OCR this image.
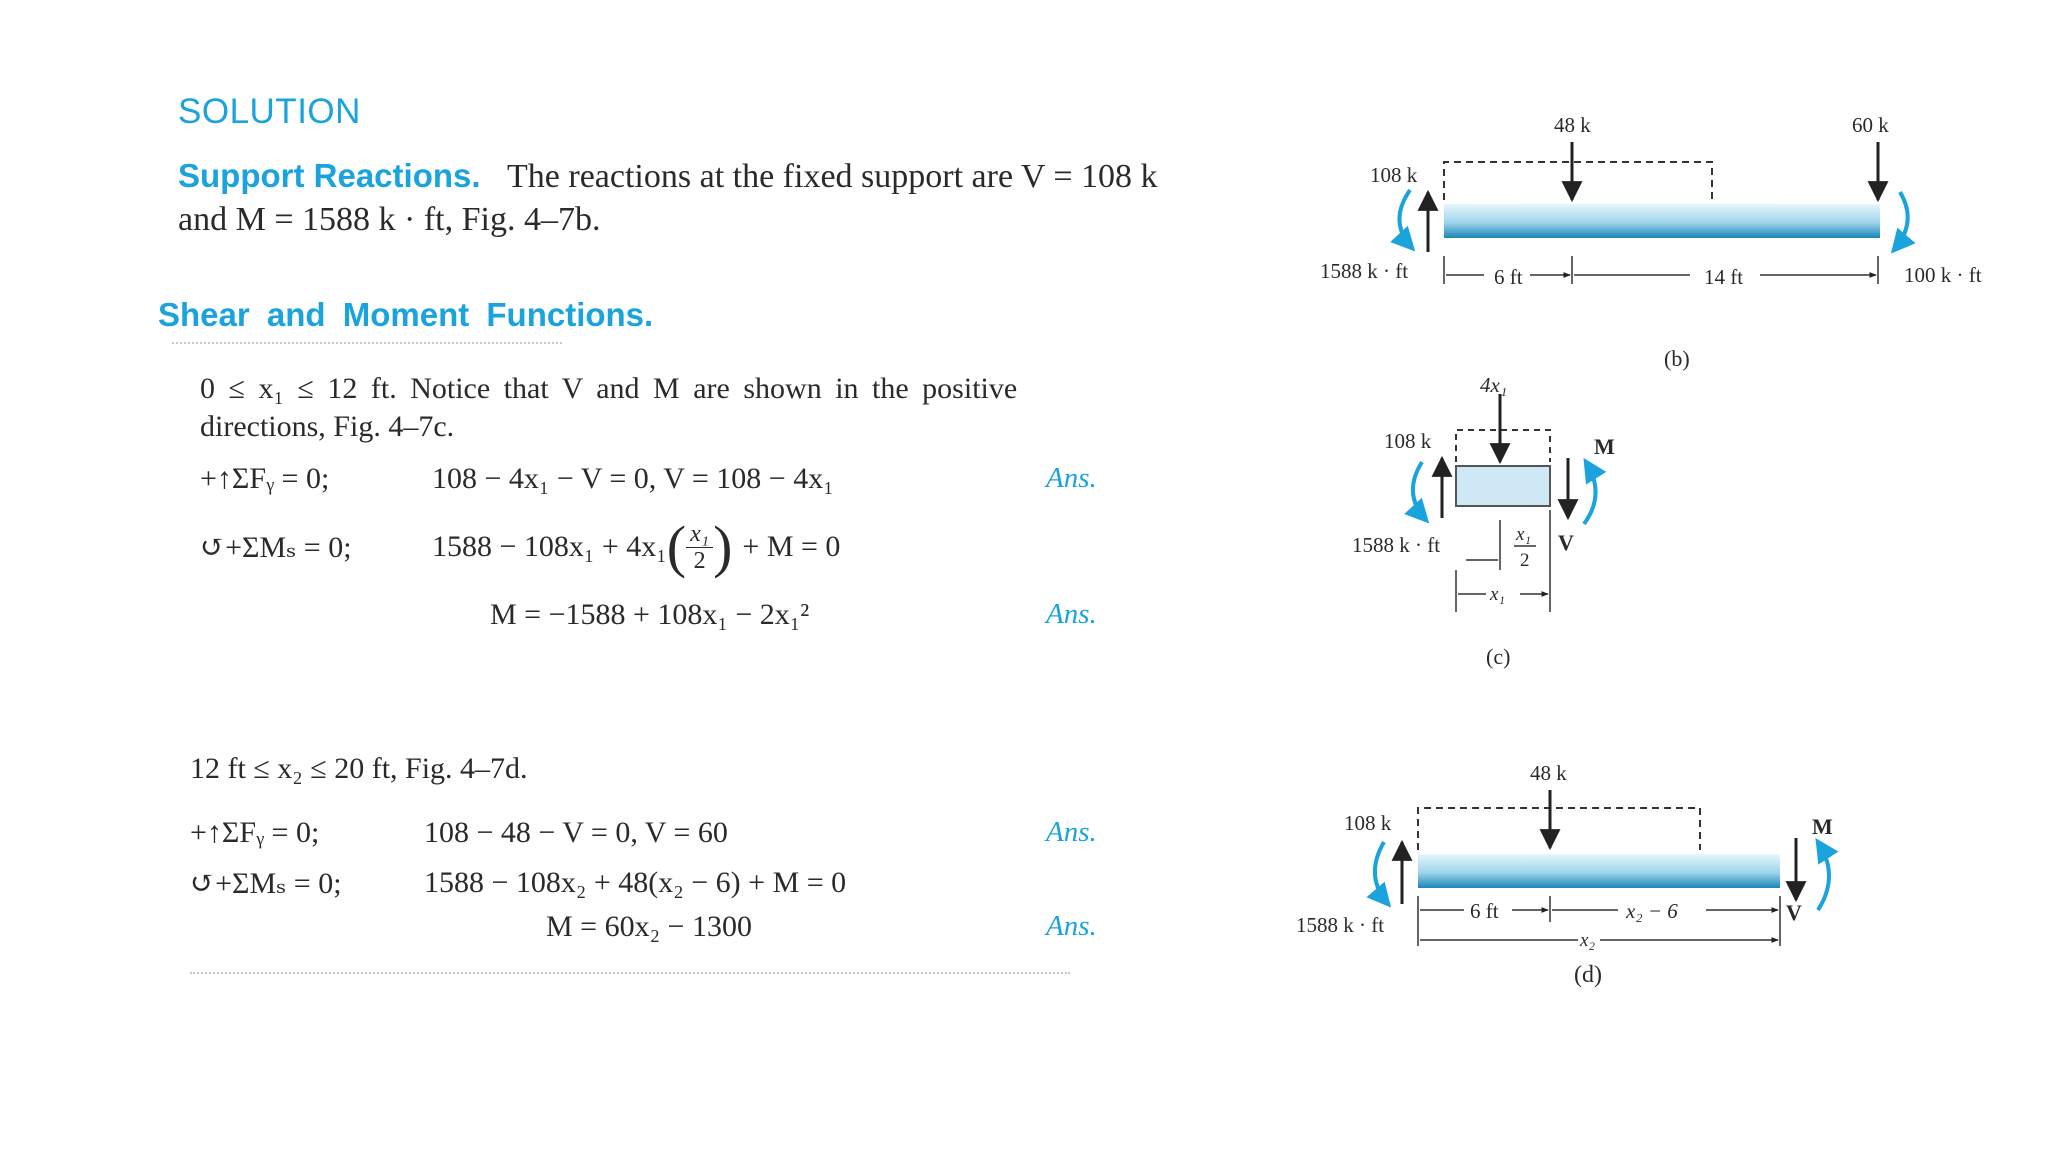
SOLUTION
Support Reactions. The reactions at the fixed support are V = 108 k
and M = 1588 k · ft, Fig. 4–7b.
Shear and Moment Functions.
0 ≤ x₁ ≤ 12 ft. Notice that V and M are shown in the positive
directions, Fig. 4–7c.
+↑ΣFᵧ = 0;	108 − 4x₁ − V = 0, V = 108 − 4x₁	Ans.
↺+ΣMₛ = 0;	1588 − 108x₁ + 4x₁ ( $\frac{\text{x₁}}{2}$ ) + M = 0
M = −1588 + 108x₁ − 2x₁²	Ans.
12 ft ≤ x₂ ≤ 20 ft, Fig. 4–7d.
+↑ΣFᵧ = 0;	108 − 48 − V = 0, V = 60	Ans.
↺+ΣMₛ = 0;	1588 − 108x₂ + 48(x₂ − 6) + M = 0
M = 60x₂ − 1300	Ans.
48 k	60 k
108 k
1588 k · ft	100 k · ft
6 ft	14 ft
(b)
4x₁
108 k
1588 k · ft
M
V
x₁
2
x₁
(c)
48 k
108 k
1588 k · ft
M
V
6 ft	x₂ − 6
x₂
(d)
